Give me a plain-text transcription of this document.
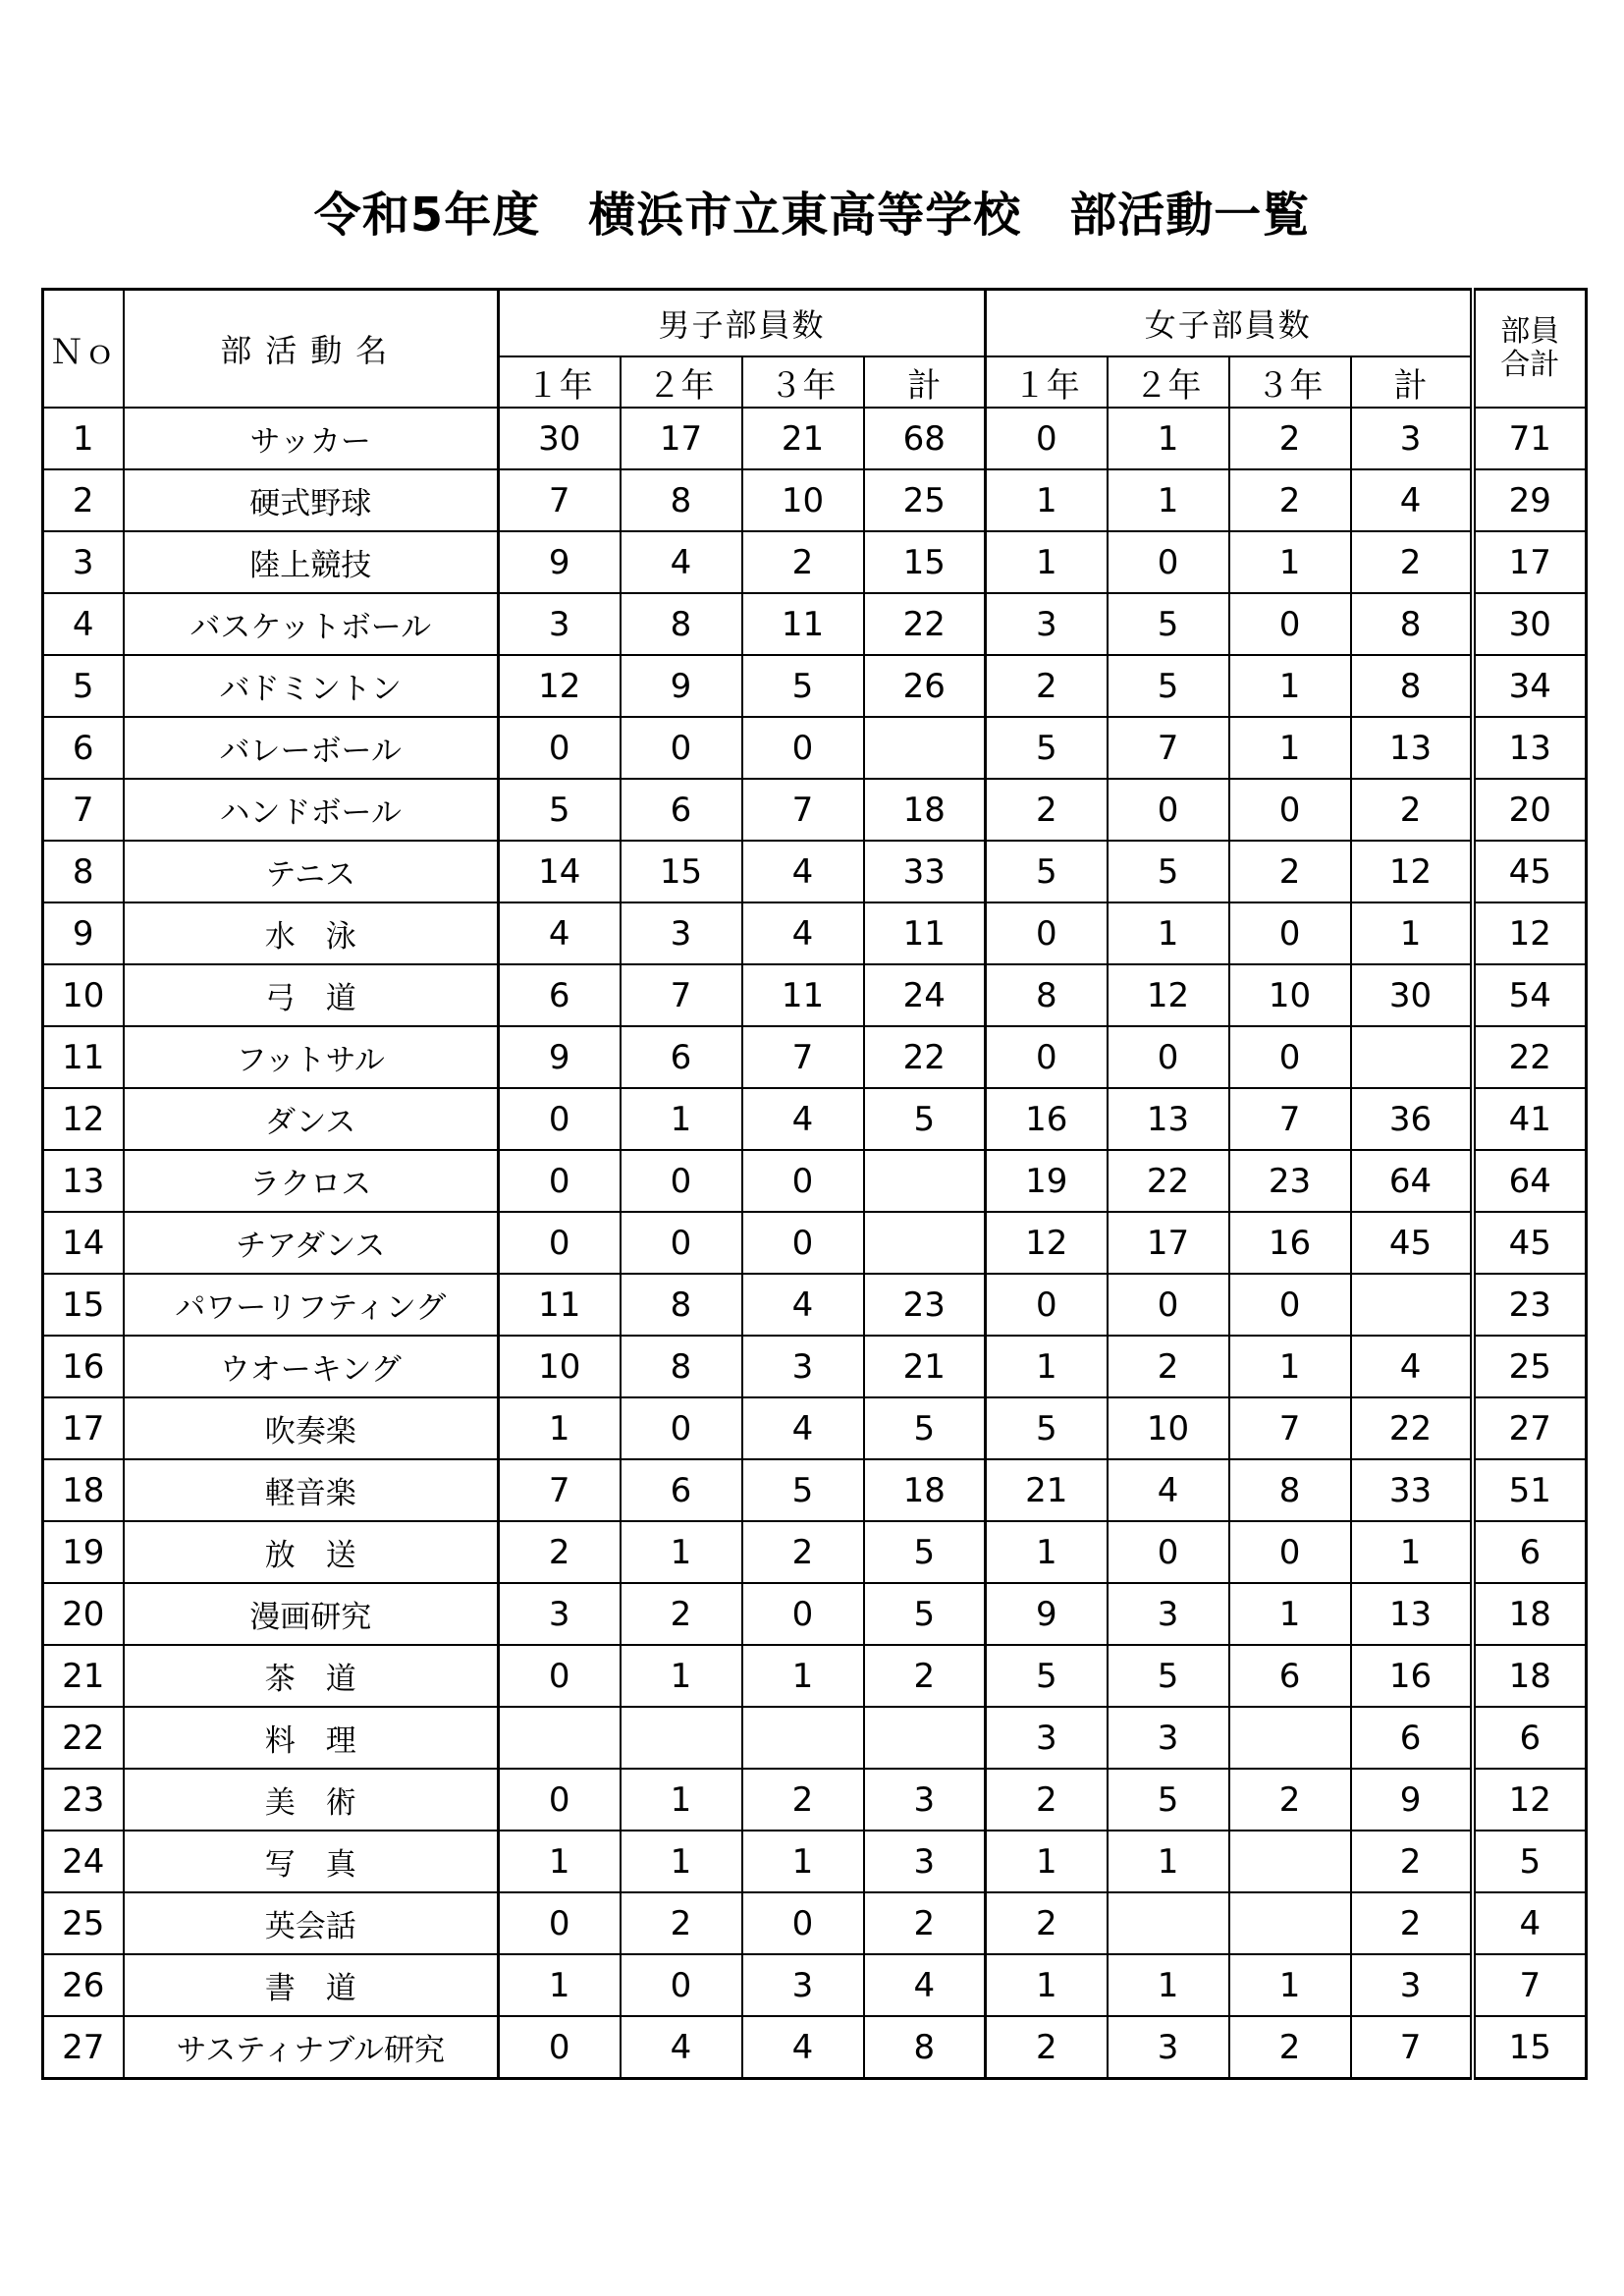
令和5年度　横浜市立東高等学校　部活動一覧
Ｎｏ	部活動名	男子部員数				女子部員数				部員
合計
		１年	２年	３年	計	１年	２年	３年	計	
1	サッカー	30	17	21	68	0	1	2	3	71
2	硬式野球	7	8	10	25	1	1	2	4	29
3	陸上競技	9	4	2	15	1	0	1	2	17
4	バスケットボール	3	8	11	22	3	5	0	8	30
5	バドミントン	12	9	5	26	2	5	1	8	34
6	バレーボール	0	0	0		5	7	1	13	13
7	ハンドボール	5	6	7	18	2	0	0	2	20
8	テニス	14	15	4	33	5	5	2	12	45
9	水　泳	4	3	4	11	0	1	0	1	12
10	弓　道	6	7	11	24	8	12	10	30	54
11	フットサル	9	6	7	22	0	0	0		22
12	ダンス	0	1	4	5	16	13	7	36	41
13	ラクロス	0	0	0		19	22	23	64	64
14	チアダンス	0	0	0		12	17	16	45	45
15	パワーリフティング	11	8	4	23	0	0	0		23
16	ウオーキング	10	8	3	21	1	2	1	4	25
17	吹奏楽	1	0	4	5	5	10	7	22	27
18	軽音楽	7	6	5	18	21	4	8	33	51
19	放　送	2	1	2	5	1	0	0	1	6
20	漫画研究	3	2	0	5	9	3	1	13	18
21	茶　道	0	1	1	2	5	5	6	16	18
22	料　理					3	3		6	6
23	美　術	0	1	2	3	2	5	2	9	12
24	写　真	1	1	1	3	1	1		2	5
25	英会話	0	2	0	2	2			2	4
26	書　道	1	0	3	4	1	1	1	3	7
27	サスティナブル研究	0	4	4	8	2	3	2	7	15
